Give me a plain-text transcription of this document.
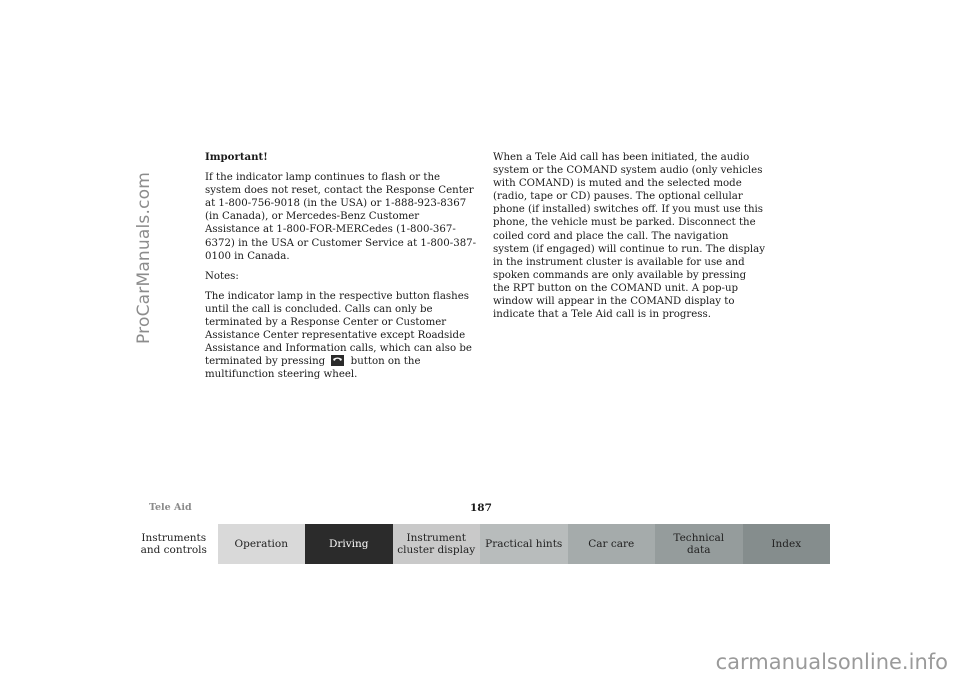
ProCarManuals.com

Important!

If the indicator lamp continues to flash or the system does not reset, contact the Response Center at 1-800-756-9018 (in the USA) or 1-888-923-8367 (in Canada), or Mercedes-Benz Customer Assistance at 1-800-FOR-MERCedes (1-800-367-6372) in the USA or Customer Service at 1-800-387-0100 in Canada.

Notes:

The indicator lamp in the respective button flashes until the call is concluded. Calls can only be terminated by a Response Center or Customer Assistance Center representative except Roadside Assistance and Information calls, which can also be terminated by pressing	button on the multifunction steering wheel.

When a Tele Aid call has been initiated, the audio system or the COMAND system audio (only vehicles with COMAND) is muted and the selected mode (radio, tape or CD) pauses. The optional cellular phone (if installed) switches off. If you must use this phone, the vehicle must be parked. Disconnect the coiled cord and place the call. The navigation system (if engaged) will continue to run. The display in the instrument cluster is available for use and spoken commands are only available by pressing the RPT button on the COMAND unit. A pop-up window will appear in the COMAND display to indicate that a Tele Aid call is in progress.

Tele Aid	187
Instruments
and controls	Operation	Driving	Instrument
cluster display Practical hints Car care	Technical
data	Index
carmanualsonline.info
